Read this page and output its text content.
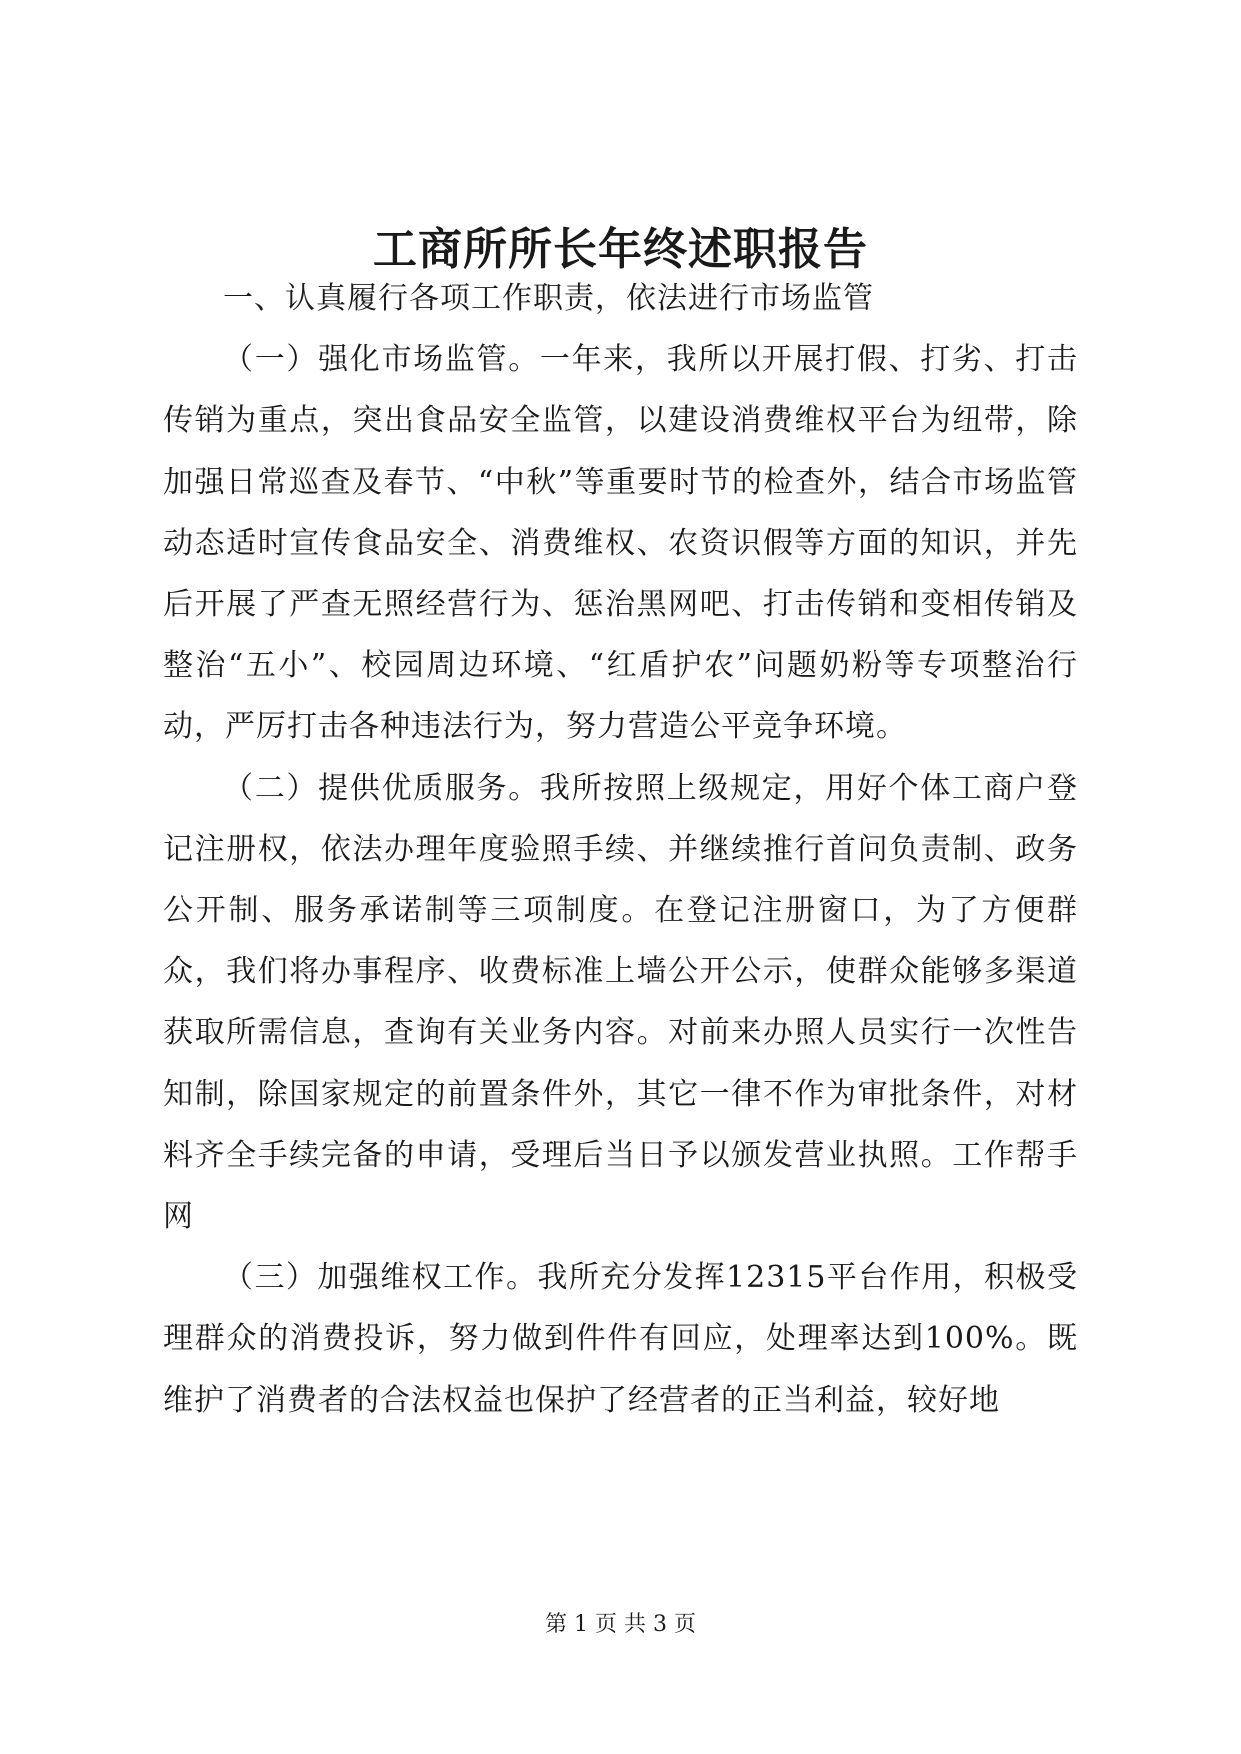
工商所所长年终述职报告

一、认真履行各项工作职责，依法进行市场监管

（一）强化市场监管。一年来，我所以开展打假、打劣、打击传销为重点，突出食品安全监管，以建设消费维权平台为纽带，除加强日常巡查及春节、“中秋”等重要时节的检查外，结合市场监管动态适时宣传食品安全、消费维权、农资识假等方面的知识，并先后开展了严查无照经营行为、惩治黑网吧、打击传销和变相传销及整治“五小”、校园周边环境、“红盾护农”问题奶粉等专项整治行动，严厉打击各种违法行为，努力营造公平竞争环境。

（二）提供优质服务。我所按照上级规定，用好个体工商户登记注册权，依法办理年度验照手续、并继续推行首问负责制、政务公开制、服务承诺制等三项制度。在登记注册窗口，为了方便群众，我们将办事程序、收费标准上墙公开公示，使群众能够多渠道获取所需信息，查询有关业务内容。对前来办照人员实行一次性告知制，除国家规定的前置条件外，其它一律不作为审批条件，对材料齐全手续完备的申请，受理后当日予以颁发营业执照。工作帮手网

（三）加强维权工作。我所充分发挥12315平台作用，积极受理群众的消费投诉，努力做到件件有回应，处理率达到100%。既维护了消费者的合法权益也保护了经营者的正当利益，较好地

第 1 页 共 3 页
